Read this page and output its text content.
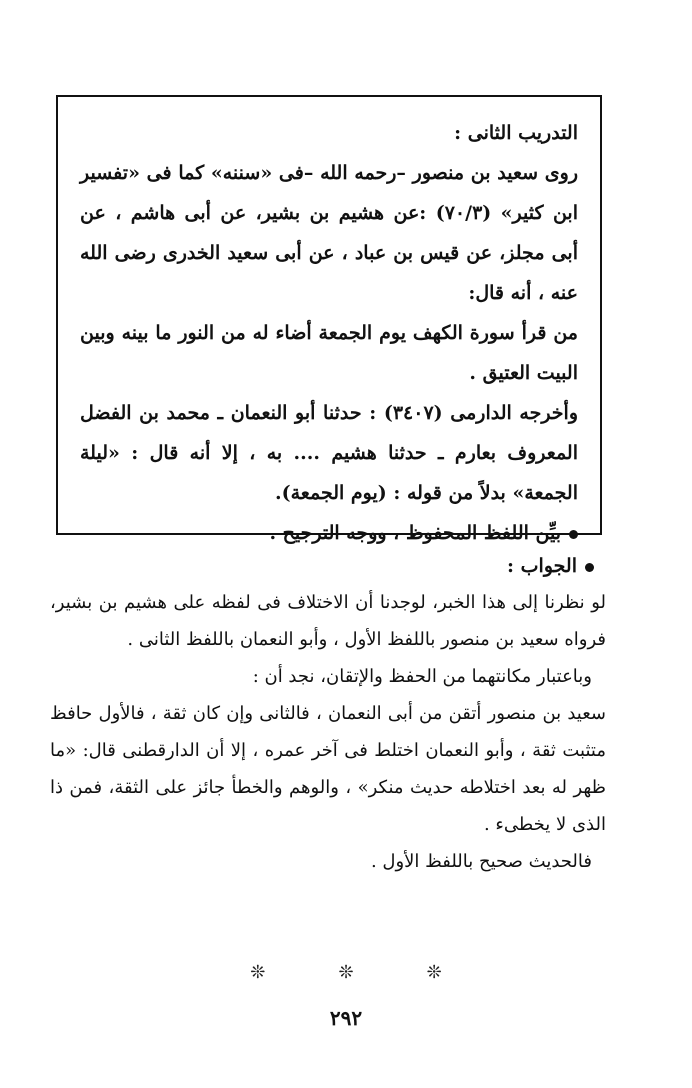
التدريب الثانى :

روى سعيد بن منصور –رحمه الله –فى «سننه» كما فى «تفسير ابن كثير» (٧٠/٣) :عن هشيم بن بشير، عن أبى هاشم ، عن أبى مجلز، عن قيس بن عباد ، عن أبى سعيد الخدرى رضى الله عنه ، أنه قال:

من قرأ سورة الكهف يوم الجمعة أضاء له من النور ما بينه وبين البيت العتيق .

وأخرجه الدارمى (٣٤٠٧) : حدثنا أبو النعمان ـ محمد بن الفضل المعروف بعارم ـ حدثنا هشيم .... به ، إلا أنه قال : «ليلة الجمعة» بدلاً من قوله : (يوم الجمعة).

بيِّن اللفظ المحفوظ ، ووجه الترجيح .

الجواب :

لو نظرنا إلى هذا الخبر، لوجدنا أن الاختلاف فى لفظه على هشيم بن بشير، فرواه سعيد بن منصور باللفظ الأول ، وأبو النعمان باللفظ الثانى .

وباعتبار مكانتهما من الحفظ والإتقان، نجد أن :

سعيد بن منصور أتقن من أبى النعمان ، فالثانى وإن كان ثقة ، فالأول حافظ متثبت ثقة ، وأبو النعمان اختلط فى آخر عمره ، إلا أن الدارقطنى قال: «ما ظهر له بعد اختلاطه حديث منكر» ، والوهم والخطأ جائز على الثقة، فمن ذا الذى لا يخطىء .

فالحديث صحيح باللفظ الأول .

❊	❊	❊
٢٩٢
